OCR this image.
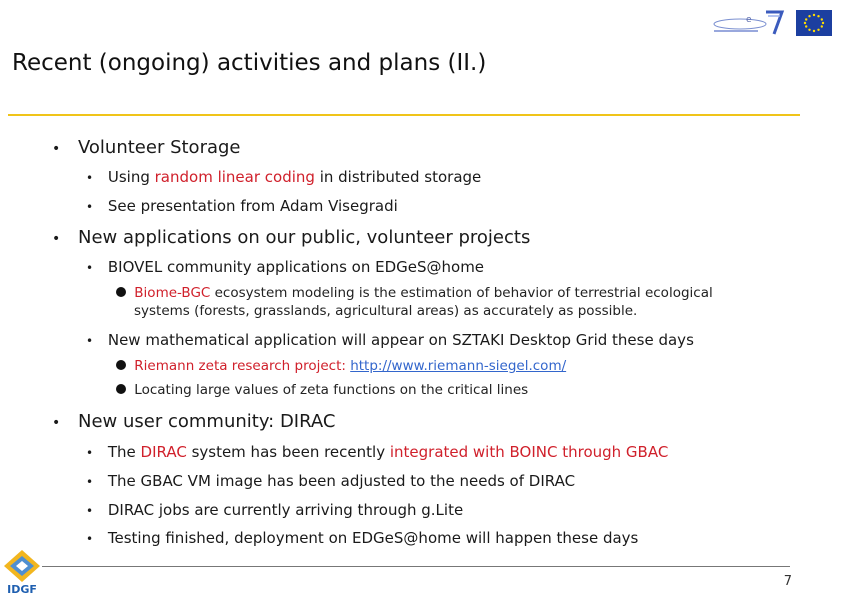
e
Recent (ongoing) activities and plans (II.)
• Volunteer Storage
• Using random linear coding in distributed storage
• See presentation from Adam Visegradi
• New applications on our public, volunteer projects
• BIOVEL community applications on EDGeS@home
Biome-BGC ecosystem modeling is the estimation of behavior of terrestrial ecological
systems (forests, grasslands, agricultural areas) as accurately as possible.
• New mathematical application will appear on SZTAKI Desktop Grid these days
Riemann zeta research project: http://www.riemann-siegel.com/
Locating large values of zeta functions on the critical lines
• New user community: DIRAC
• The DIRAC system has been recently integrated with BOINC through GBAC
• The GBAC VM image has been adjusted to the needs of DIRAC
• DIRAC jobs are currently arriving through g.Lite
• Testing finished, deployment on EDGeS@home will happen these days
7
IDGF
